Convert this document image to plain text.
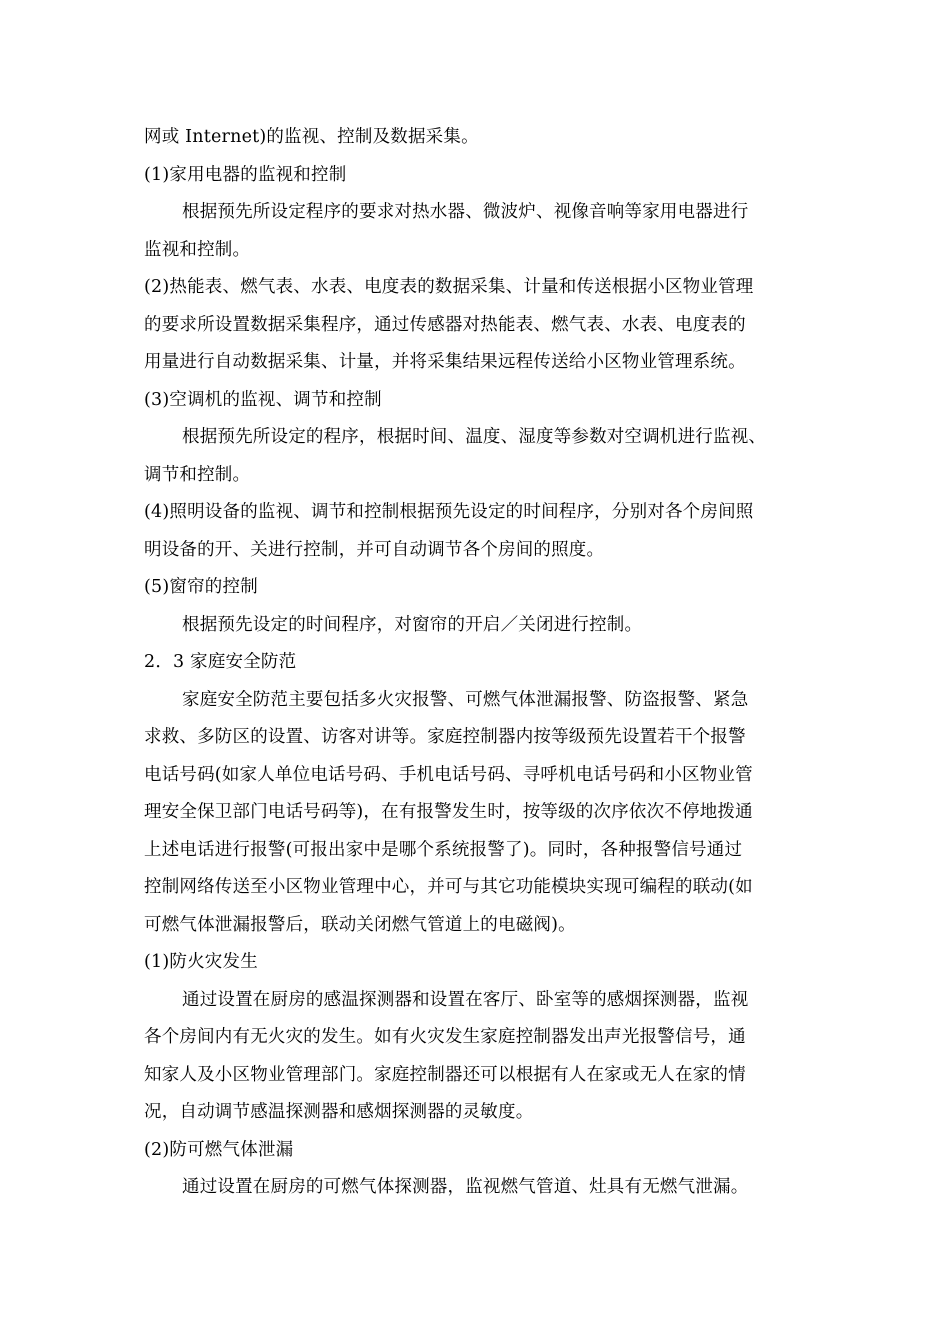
网或 Internet)的监视、控制及数据采集。
(1)家用电器的监视和控制
根据预先所设定程序的要求对热水器、微波炉、视像音响等家用电器进行
监视和控制。
(2)热能表、燃气表、水表、电度表的数据采集、计量和传送根据小区物业管理
的要求所设置数据采集程序，通过传感器对热能表、燃气表、水表、电度表的
用量进行自动数据采集、计量，并将采集结果远程传送给小区物业管理系统。
(3)空调机的监视、调节和控制
根据预先所设定的程序，根据时间、温度、湿度等参数对空调机进行监视、
调节和控制。
(4)照明设备的监视、调节和控制根据预先设定的时间程序，分别对各个房间照
明设备的开、关进行控制，并可自动调节各个房间的照度。
(5)窗帘的控制
根据预先设定的时间程序，对窗帘的开启／关闭进行控制。
2．3 家庭安全防范
家庭安全防范主要包括多火灾报警、可燃气体泄漏报警、防盗报警、紧急
求救、多防区的设置、访客对讲等。家庭控制器内按等级预先设置若干个报警
电话号码(如家人单位电话号码、手机电话号码、寻呼机电话号码和小区物业管
理安全保卫部门电话号码等)，在有报警发生时，按等级的次序依次不停地拨通
上述电话进行报警(可报出家中是哪个系统报警了)。同时，各种报警信号通过
控制网络传送至小区物业管理中心，并可与其它功能模块实现可编程的联动(如
可燃气体泄漏报警后，联动关闭燃气管道上的电磁阀)。
(1)防火灾发生
通过设置在厨房的感温探测器和设置在客厅、卧室等的感烟探测器，监视
各个房间内有无火灾的发生。如有火灾发生家庭控制器发出声光报警信号，通
知家人及小区物业管理部门。家庭控制器还可以根据有人在家或无人在家的情
况，自动调节感温探测器和感烟探测器的灵敏度。
(2)防可燃气体泄漏
通过设置在厨房的可燃气体探测器，监视燃气管道、灶具有无燃气泄漏。
